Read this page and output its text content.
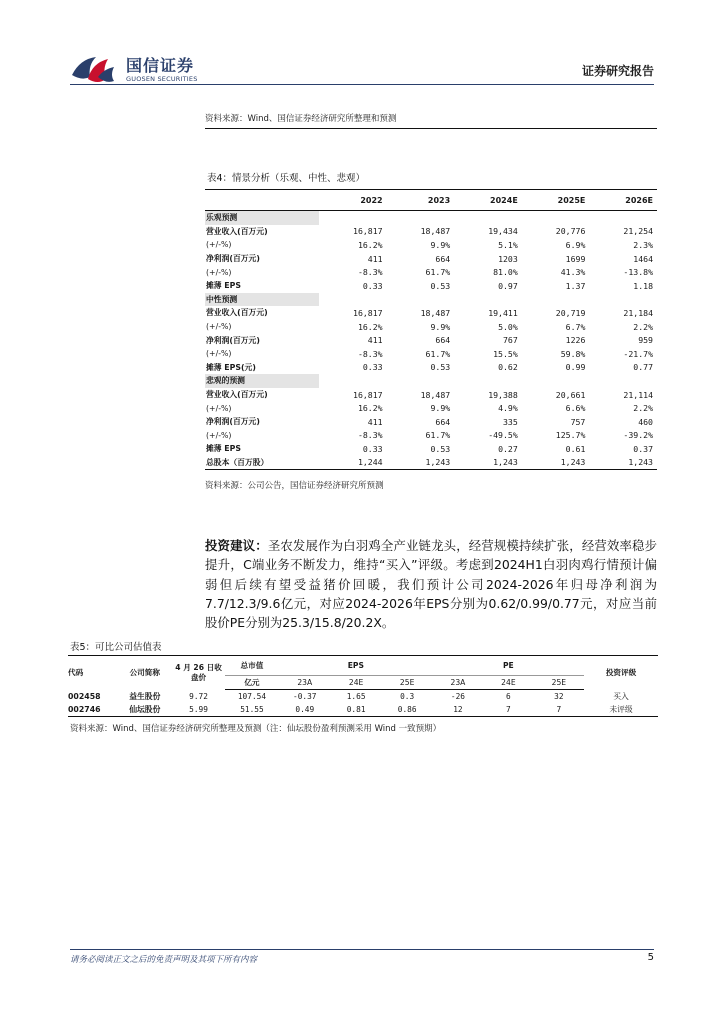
国信证券
GUOSEN SECURITIES
证券研究报告
资料来源：Wind、国信证券经济研究所整理和预测
表4：情景分析（乐观、中性、悲观）
	2022	2023	2024E	2025E	2026E
乐观预测					
营业收入(百万元)	16,817	18,487	19,434	20,776	21,254
(+/-%)	16.2%	9.9%	5.1%	6.9%	2.3%
净利润(百万元)	411	664	1203	1699	1464
(+/-%)	-8.3%	61.7%	81.0%	41.3%	-13.8%
摊薄 EPS	0.33	0.53	0.97	1.37	1.18
中性预测					
营业收入(百万元)	16,817	18,487	19,411	20,719	21,184
(+/-%)	16.2%	9.9%	5.0%	6.7%	2.2%
净利润(百万元)	411	664	767	1226	959
(+/-%)	-8.3%	61.7%	15.5%	59.8%	-21.7%
摊薄 EPS(元)	0.33	0.53	0.62	0.99	0.77
悲观的预测					
营业收入(百万元)	16,817	18,487	19,388	20,661	21,114
(+/-%)	16.2%	9.9%	4.9%	6.6%	2.2%
净利润(百万元)	411	664	335	757	460
(+/-%)	-8.3%	61.7%	-49.5%	125.7%	-39.2%
摊薄 EPS	0.33	0.53	0.27	0.61	0.37
总股本（百万股）	1,244	1,243	1,243	1,243	1,243
资料来源：公司公告，国信证券经济研究所预测
投资建议：圣农发展作为白羽鸡全产业链龙头，经营规模持续扩张，经营效率稳步提升，C端业务不断发力，维持“买入”评级。考虑到2024H1白羽肉鸡行情预计偏弱但后续有望受益猪价回暖，我们预计公司2024-2026年归母净利润为7.7/12.3/9.6亿元，对应2024-2026年EPS分别为0.62/0.99/0.77元，对应当前股价PE分别为25.3/15.8/20.2X。
表5：可比公司估值表
代码	公司简称	4 月 26 日收盘价	总市值	EPS			PE			投资评级
			亿元	23A	24E	25E	23A	24E	25E	
002458	益生股份	9.72	107.54	-0.37	1.65	0.3	-26	6	32	买入
002746	仙坛股份	5.99	51.55	0.49	0.81	0.86	12	7	7	未评级
资料来源：Wind、国信证券经济研究所整理及预测（注：仙坛股份盈利预测采用 Wind 一致预期）
请务必阅读正文之后的免责声明及其项下所有内容	5
